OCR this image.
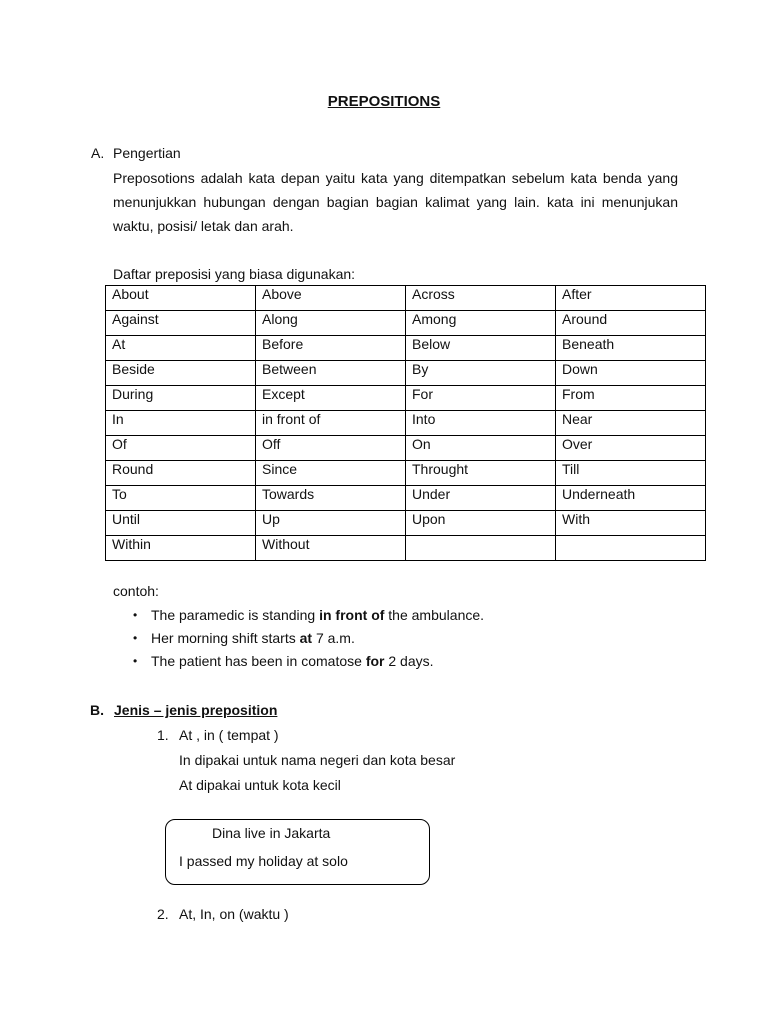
PREPOSITIONS
A. Pengertian
Preposotions adalah kata depan yaitu kata yang ditempatkan sebelum kata benda yang menunjukkan hubungan dengan bagian bagian kalimat yang lain. kata ini menunjukan waktu, posisi/ letak dan arah.
Daftar preposisi yang biasa digunakan:
About	Above	Across	After
Against	Along	Among	Around
At	Before	Below	Beneath
Beside	Between	By	Down
During	Except	For	From
In	in front of	Into	Near
Of	Off	On	Over
Round	Since	Throught	Till
To	Towards	Under	Underneath
Until	Up	Upon	With
Within	Without		
contoh:
• The paramedic is standing in front of the ambulance.
• Her morning shift starts at 7 a.m.
• The patient has been in comatose for 2 days.
B. Jenis – jenis preposition
1. At , in ( tempat )
In dipakai untuk nama negeri dan kota besar
At dipakai untuk kota kecil
Dina live in Jakarta
I passed my holiday at solo
2. At, In, on (waktu )
